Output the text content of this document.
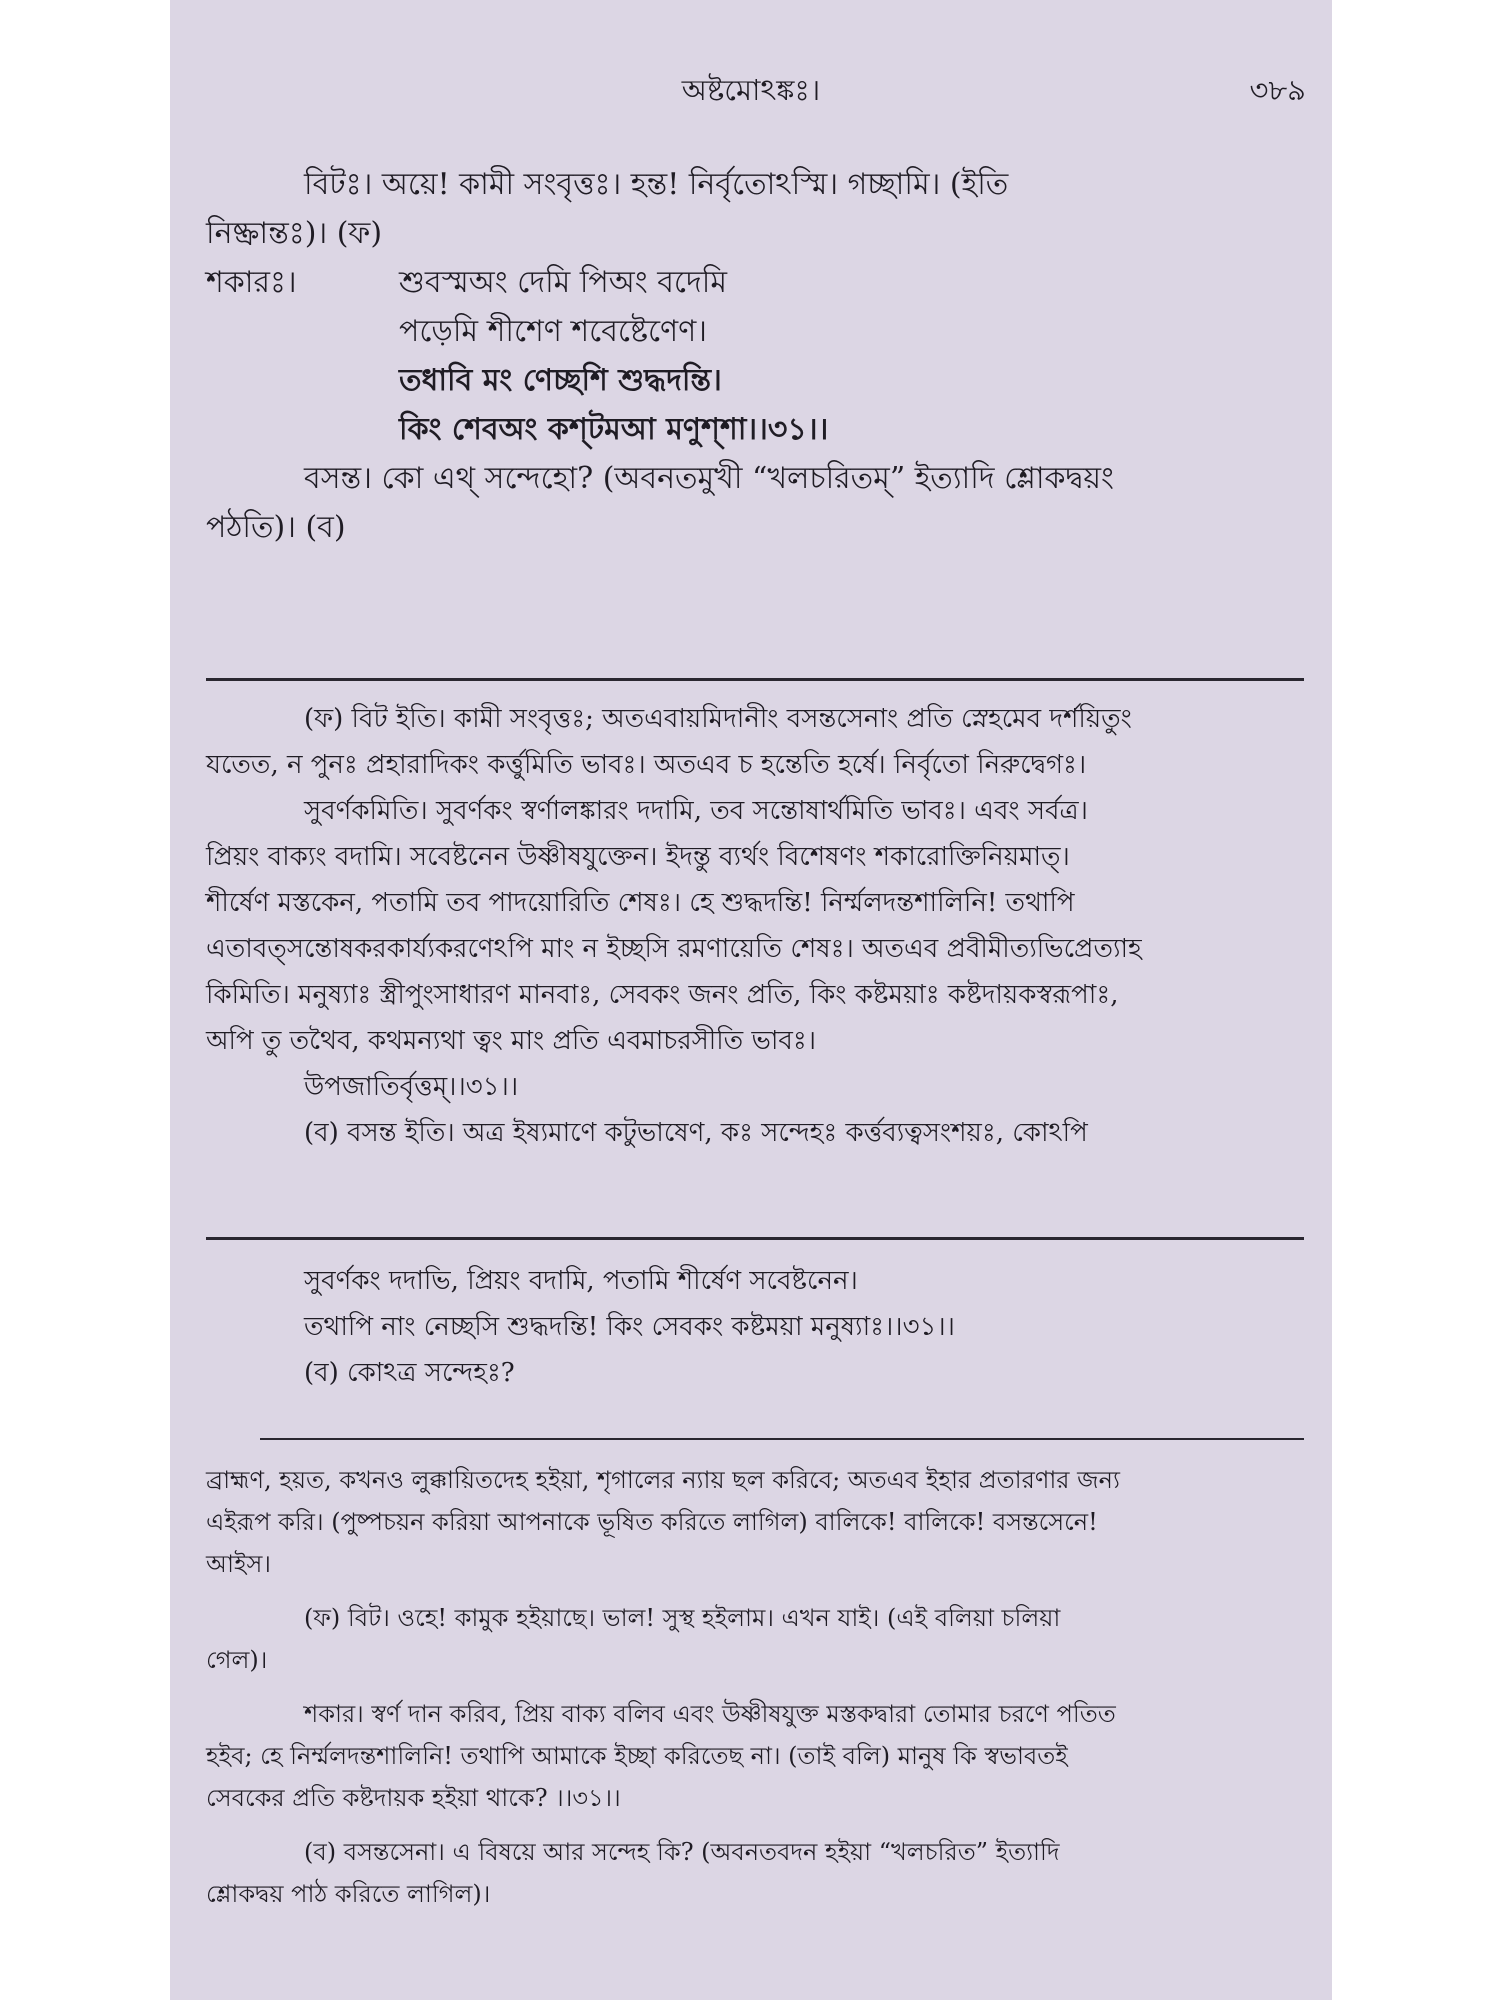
অষ্টমোঽঙ্কঃ।	৩৮৯

বিটঃ। অয়ে! কামী সংবৃত্তঃ। হন্ত! নির্বৃতোঽস্মি। গচ্ছামি। (ইতি

নিষ্ক্রান্তঃ)। (ফ)

শকারঃ।	শুবস্মঅং দেমি পিঅং বদেমি

পড়েমি শীশেণ শবেষ্টেণেণ।

তধাবি মং ণেচ্ছশি শুদ্ধদন্তি।

কিং শেবঅং কশ্‌টমআ মণুশ্‌শা।।৩১।।

বসন্ত। কো এথ্‌ সন্দেহো? (অবনতমুখী “খলচরিতম্‌” ইত্যাদি শ্লোকদ্বয়ং

পঠতি)। (ব)

(ফ) বিট ইতি। কামী সংবৃত্তঃ; অতএবায়মিদানীং বসন্তসেনাং প্রতি স্নেহমেব দর্শয়িতুং

যতেত, ন পুনঃ প্রহারাদিকং কর্ত্তুমিতি ভাবঃ। অতএব চ হন্তেতি হর্ষে। নির্বৃতো নিরুদ্বেগঃ।

সুবর্ণকমিতি। সুবর্ণকং স্বর্ণালঙ্কারং দদামি, তব সন্তোষার্থমিতি ভাবঃ। এবং সর্বত্র।

প্রিয়ং বাক্যং বদামি। সবেষ্টনেন উষ্ণীষযুক্তেন। ইদন্তু ব্যর্থং বিশেষণং শকারোক্তিনিয়মাত্‌।

শীর্ষেণ মস্তকেন, পতামি তব পাদয়োরিতি শেষঃ। হে শুদ্ধদন্তি! নির্ম্মলদন্তশালিনি! তথাপি

এতাবত্‌সন্তোষকরকার্য্যকরণেঽপি মাং ন ইচ্ছসি রমণায়েতি শেষঃ। অতএব প্রবীমীত্যভিপ্রেত্যাহ

কিমিতি। মনুষ্যাঃ স্ত্রীপুংসাধারণ মানবাঃ, সেবকং জনং প্রতি, কিং কষ্টময়াঃ কষ্টদায়কস্বরূপাঃ,

অপি তু তথৈব, কথমন্যথা ত্বং মাং প্রতি এবমাচরসীতি ভাবঃ।

উপজাতির্বৃত্তম্‌।।৩১।।

(ব) বসন্ত ইতি। অত্র ইষ্যমাণে কটুভাষেণ, কঃ সন্দেহঃ কর্ত্তব্যত্বসংশয়ঃ, কোঽপি

সুবর্ণকং দদাভি, প্রিয়ং বদামি, পতামি শীর্ষেণ সবেষ্টনেন।

তথাপি নাং নেচ্ছসি শুদ্ধদন্তি! কিং সেবকং কষ্টময়া মনুষ্যাঃ।।৩১।।

(ব) কোঽত্র সন্দেহঃ?

ব্রাহ্মণ, হয়ত, কখনও লুক্কায়িতদেহ হইয়া, শৃগালের ন্যায় ছল করিবে; অতএব ইহার প্রতারণার জন্য

এইরূপ করি। (পুষ্পচয়ন করিয়া আপনাকে ভূষিত করিতে লাগিল) বালিকে! বালিকে! বসন্তসেনে!

আইস।

(ফ) বিট। ওহে! কামুক হইয়াছে। ভাল! সুস্থ হইলাম। এখন যাই। (এই বলিয়া চলিয়া

গেল)।

শকার। স্বর্ণ দান করিব, প্রিয় বাক্য বলিব এবং উষ্ণীষযুক্ত মস্তকদ্বারা তোমার চরণে পতিত

হইব; হে নির্ম্মলদন্তশালিনি! তথাপি আমাকে ইচ্ছা করিতেছ না। (তাই বলি) মানুষ কি স্বভাবতই

সেবকের প্রতি কষ্টদায়ক হইয়া থাকে? ।।৩১।।

(ব) বসন্তসেনা। এ বিষয়ে আর সন্দেহ কি? (অবনতবদন হইয়া “খলচরিত” ইত্যাদি

শ্লোকদ্বয় পাঠ করিতে লাগিল)।
